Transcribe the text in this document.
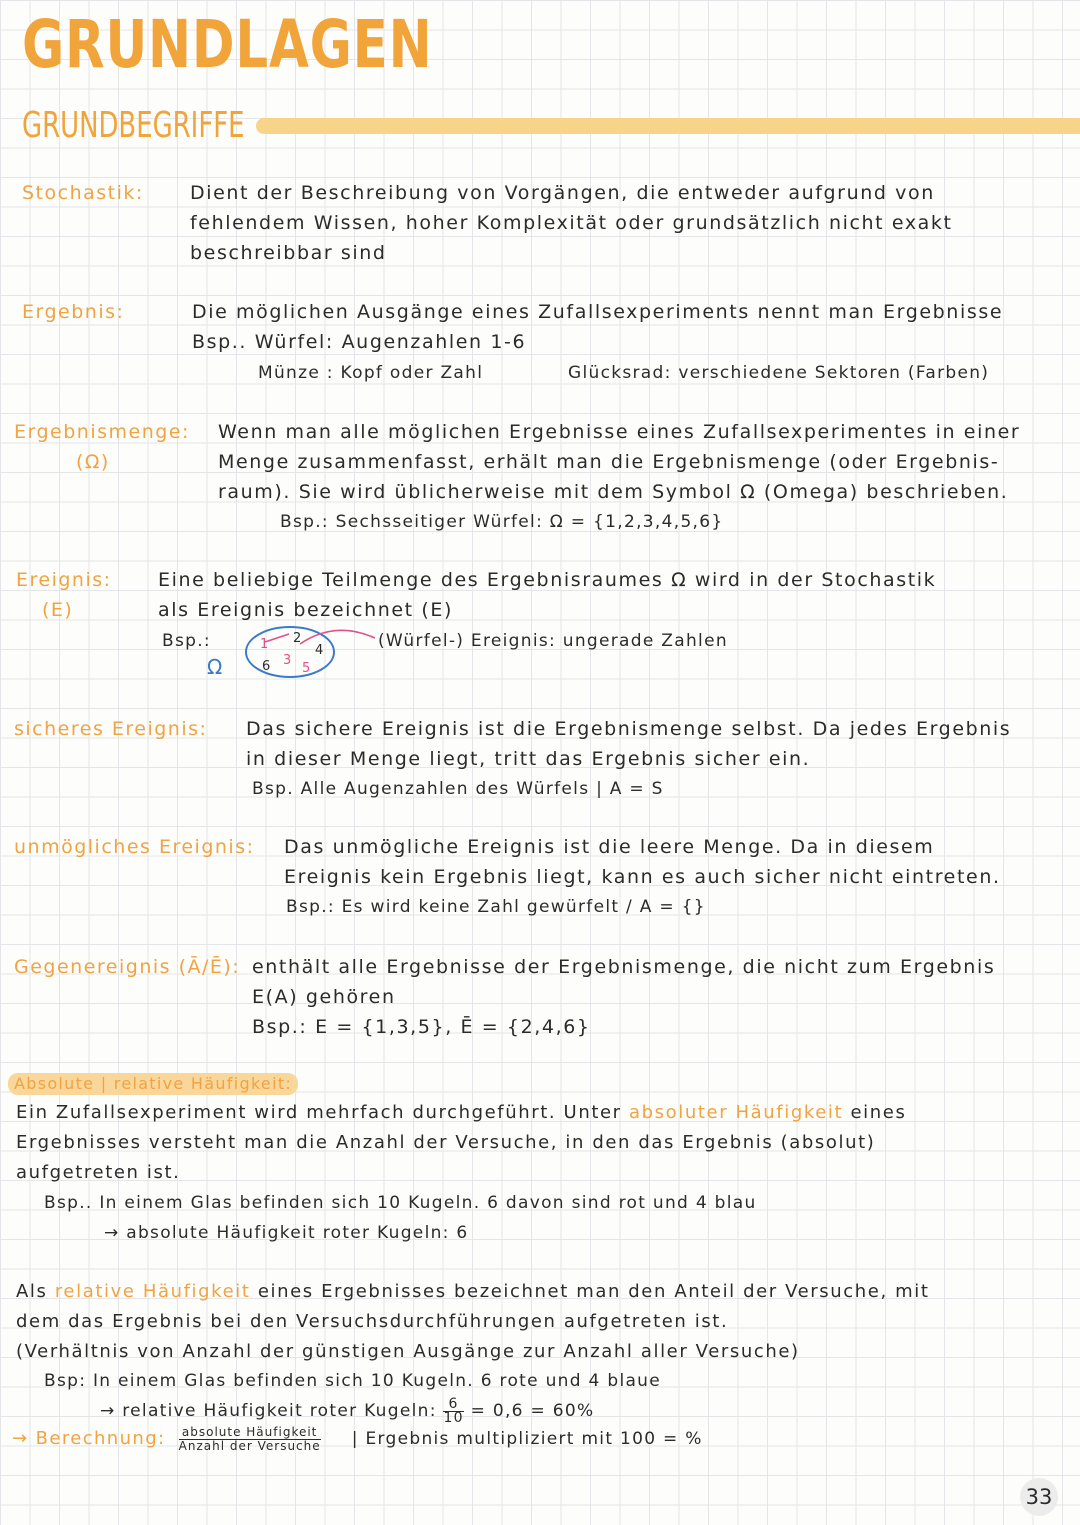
GRUNDLAGEN
GRUNDBEGRIFFE
Stochastik: Dient der Beschreibung von Vorgängen, die entweder aufgrund von
fehlendem Wissen, hoher Komplexität oder grundsätzlich nicht exakt
beschreibbar sind
Ergebnis:	Die möglichen Ausgänge eines Zufallsexperiments nennt man Ergebnisse
Bsp.. Würfel: Augenzahlen 1-6
Münze : Kopf oder Zahl	Glücksrad: verschiedene Sektoren (Farben)
Ergebnismenge:
(Ω)
Wenn man alle möglichen Ergebnisse eines Zufallsexperimentes in einer
Menge zusammenfasst, erhält man die Ergebnismenge (oder Ergebnis-
raum). Sie wird üblicherweise mit dem Symbol Ω (Omega) beschrieben.
Bsp.: Sechsseitiger Würfel: Ω = {1,2,3,4,5,6}
Ereignis:
(E)
Eine beliebige Teilmenge des Ergebnisraumes Ω wird in der Stochastik
als Ereignis bezeichnet (E)
Bsp.:	1 2
4
6 3
5
Ω
(Würfel-) Ereignis: ungerade Zahlen
sicheres Ereignis: Das sichere Ereignis ist die Ergebnismenge selbst. Da jedes Ergebnis
in dieser Menge liegt, tritt das Ergebnis sicher ein.
Bsp. Alle Augenzahlen des Würfels | A = S
unmögliches Ereignis: Das unmögliche Ereignis ist die leere Menge. Da in diesem
Ereignis kein Ergebnis liegt, kann es auch sicher nicht eintreten.
Bsp.: Es wird keine Zahl gewürfelt / A = {}
Gegenereignis (Ā/Ē): enthält alle Ergebnisse der Ergebnismenge, die nicht zum Ergebnis
E(A) gehören
Bsp.: E = {1,3,5}, Ē = {2,4,6}
Absolute | relative Häufigkeit:
Ein Zufallsexperiment wird mehrfach durchgeführt. Unter absoluter Häufigkeit eines
Ergebnisses versteht man die Anzahl der Versuche, in den das Ergebnis (absolut)
aufgetreten ist.
Bsp.. In einem Glas befinden sich 10 Kugeln. 6 davon sind rot und 4 blau
→ absolute Häufigkeit roter Kugeln: 6
Als relative Häufigkeit eines Ergebnisses bezeichnet man den Anteil der Versuche, mit
dem das Ergebnis bei den Versuchsdurchführungen aufgetreten ist.
(Verhältnis von Anzahl der günstigen Ausgänge zur Anzahl aller Versuche)
Bsp: In einem Glas befinden sich 10 Kugeln. 6 rote und 4 blaue
→ relative Häufigkeit roter Kugeln: $\frac{6}{10} = 0,6 = 60\%$
→ Berechnung: $\frac{\text{absolute Häufigkeit}}{\text{Anzahl der Versuche}}$ | Ergebnis multipliziert mit 100 = %
33
